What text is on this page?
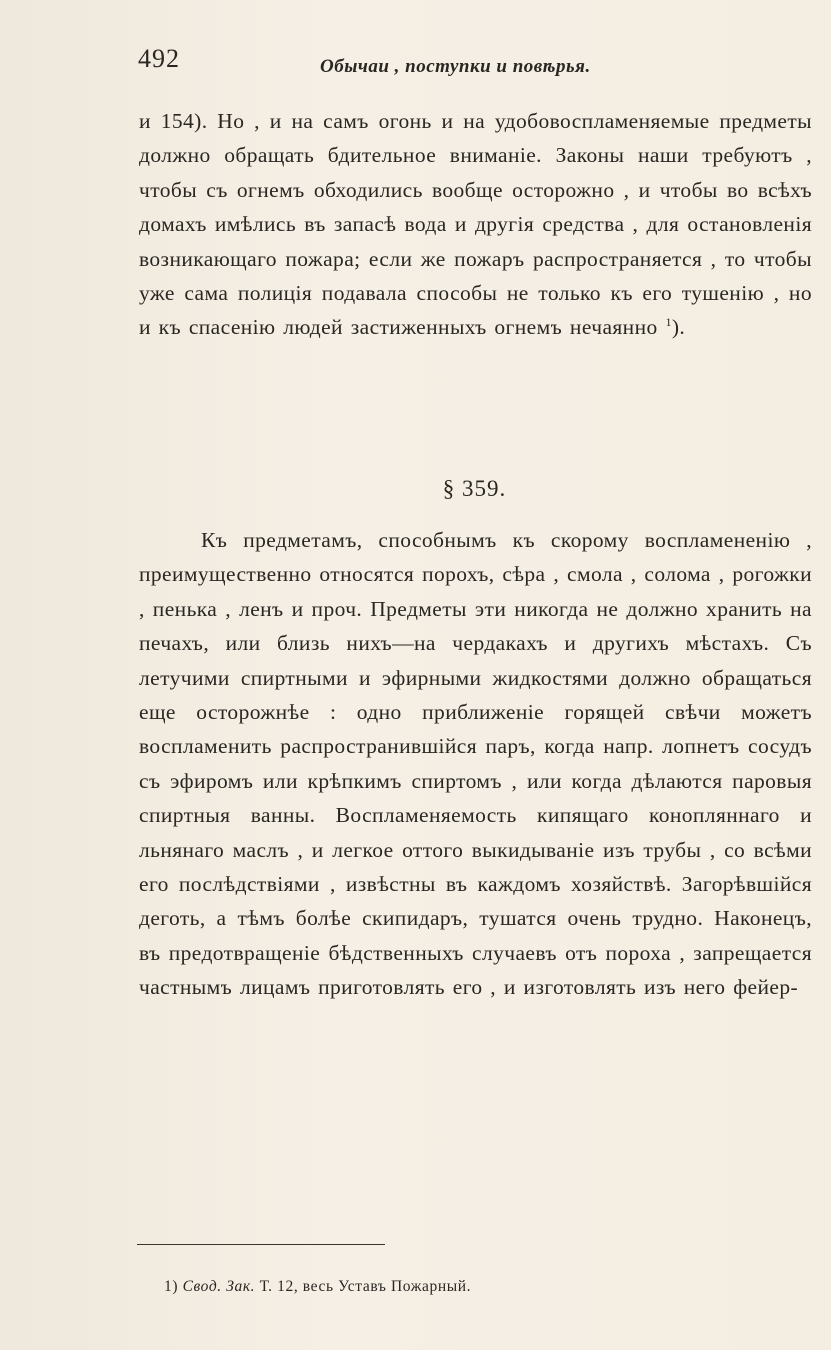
492	Обычаи , поступки и повѣрья.
и 154). Но , и на самъ огонь и на удобовоспламеняемые предметы должно обращать бдительное вниманіе. Законы наши требуютъ , чтобы съ огнемъ обходились вообще осторожно , и чтобы во всѣхъ домахъ имѣлись въ запасѣ вода и другія средства , для остановленія возникающаго пожара; если же пожаръ распространяется , то чтобы уже сама полиція подавала способы не только къ его тушенію , но и къ спасенію людей застиженныхъ огнемъ нечаянно $^1$).
§ 359.
Къ предметамъ, способнымъ къ скорому воспламененію , преимущественно относятся порохъ, сѣра , смола , солома , рогожки , пенька , ленъ и проч. Предметы эти никогда не должно хранить на печахъ, или близь нихъ—на чердакахъ и другихъ мѣстахъ. Съ летучими спиртными и эфирными жидкостями должно обращаться еще осторожнѣе : одно приближеніе горящей свѣчи можетъ воспламенить распространившійся паръ, когда напр. лопнетъ сосудъ съ эфиромъ или крѣпкимъ спиртомъ , или когда дѣлаются паровыя спиртныя ванны. Воспламеняемость кипящаго конопляннаго и льнянаго маслъ , и легкое оттого выкидываніе изъ трубы , со всѣми его послѣдствіями , извѣстны въ каждомъ хозяйствѣ. Загорѣвшійся деготь, а тѣмъ болѣе скипидаръ, тушатся очень трудно. Наконецъ, въ предотвращеніе бѣдственныхъ случаевъ отъ пороха , запрещается частнымъ лицамъ приготовлять его , и изготовлять изъ него фейер-
1) Свод. Зак. Т. 12, весь Уставъ Пожарный.
